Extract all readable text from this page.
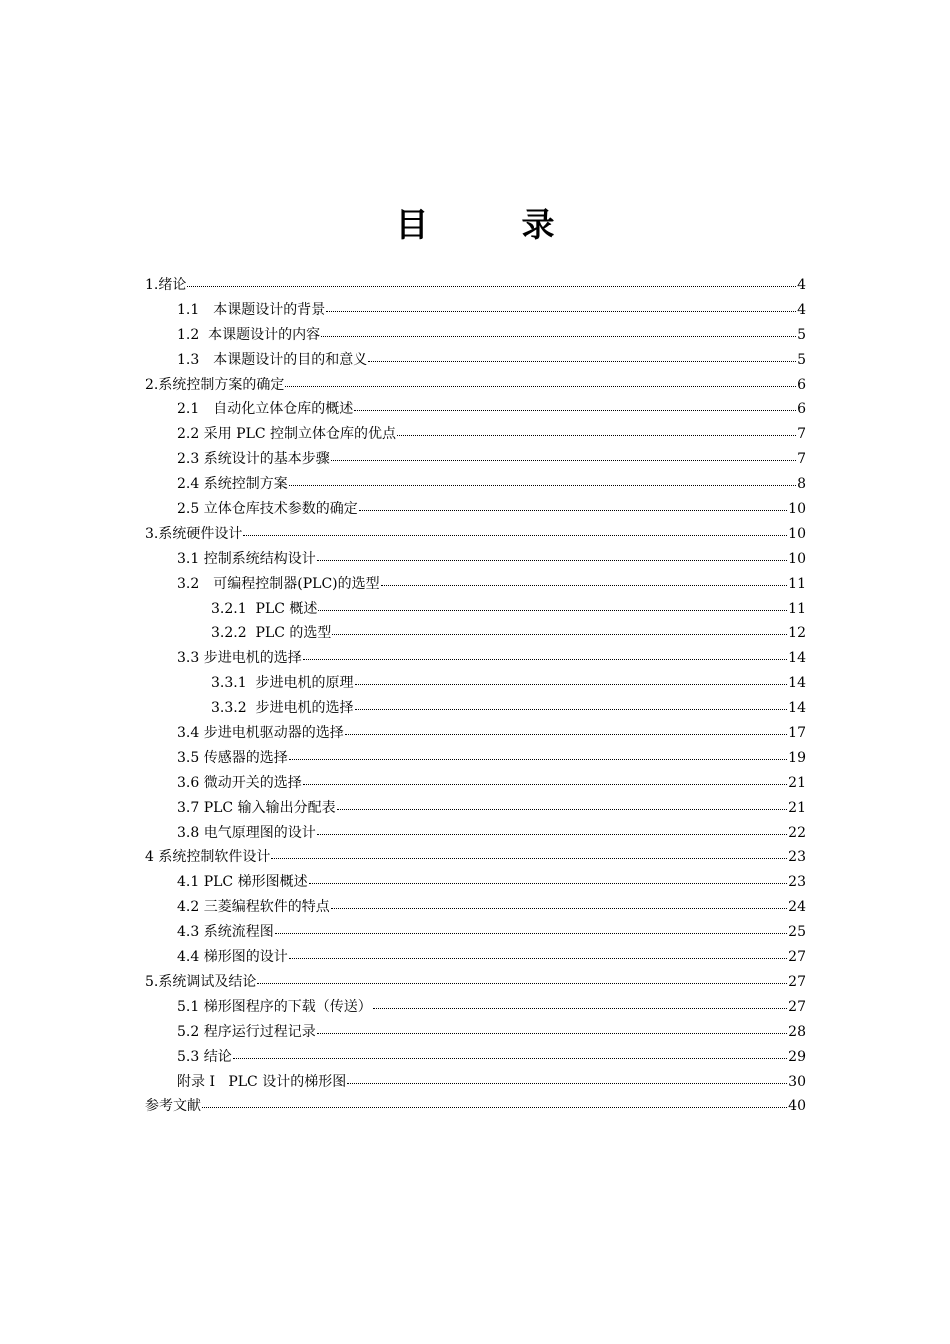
目　录
1.绪论	4
1.1　本课题设计的背景	4
1.2  本课题设计的内容	5
1.3　本课题设计的目的和意义	5
2.系统控制方案的确定	6
2.1　自动化立体仓库的概述	6
2.2 采用 PLC 控制立体仓库的优点	7
2.3 系统设计的基本步骤	7
2.4 系统控制方案	8
2.5 立体仓库技术参数的确定	10
3.系统硬件设计	10
3.1 控制系统结构设计	10
3.2　可编程控制器(PLC)的选型	11
3.2.1  PLC 概述	11
3.2.2  PLC 的选型	12
3.3 步进电机的选择	14
3.3.1  步进电机的原理	14
3.3.2  步进电机的选择	14
3.4 步进电机驱动器的选择	17
3.5 传感器的选择	19
3.6 微动开关的选择	21
3.7 PLC 输入输出分配表	21
3.8 电气原理图的设计	22
4 系统控制软件设计	23
4.1 PLC 梯形图概述	23
4.2 三菱编程软件的特点	24
4.3 系统流程图	25
4.4 梯形图的设计	27
5.系统调试及结论	27
5.1 梯形图程序的下载（传送）	27
5.2 程序运行过程记录	28
5.3 结论	29
附录 I   PLC 设计的梯形图	30
参考文献	40
